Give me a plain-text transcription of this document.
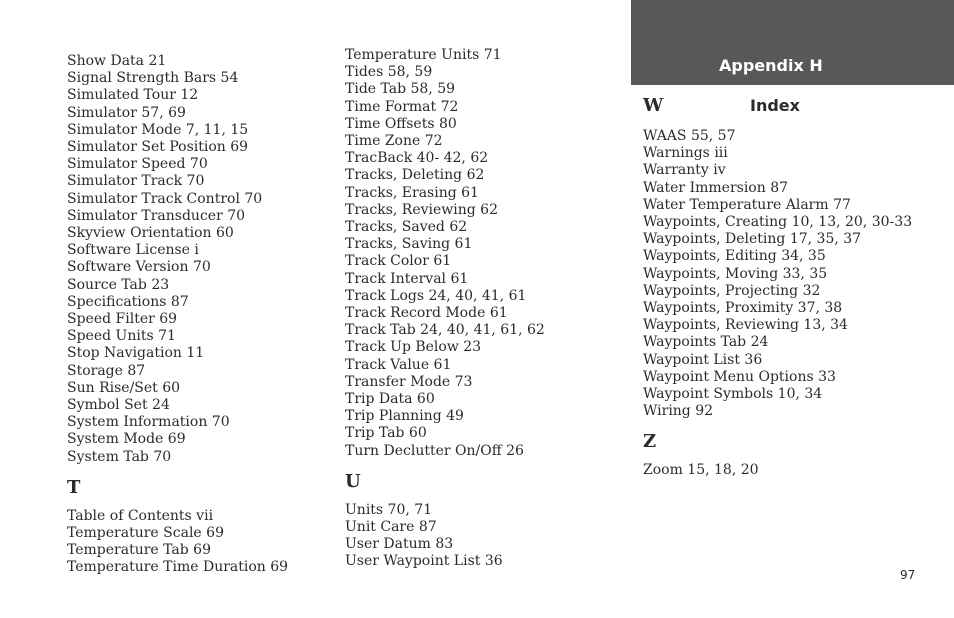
Appendix H
W	Index
Show Data 21
Signal Strength Bars 54
Simulated Tour 12
Simulator 57, 69
Simulator Mode 7, 11, 15
Simulator Set Position 69
Simulator Speed 70
Simulator Track 70
Simulator Track Control 70
Simulator Transducer 70
Skyview Orientation 60
Software License i
Software Version 70
Source Tab 23
Specifications 87
Speed Filter 69
Speed Units 71
Stop Navigation 11
Storage 87
Sun Rise/Set 60
Symbol Set 24
System Information 70
System Mode 69
System Tab 70
T
Table of Contents vii
Temperature Scale 69
Temperature Tab 69
Temperature Time Duration 69
Temperature Units 71
Tides 58, 59
Tide Tab 58, 59
Time Format 72
Time Offsets 80
Time Zone 72
TracBack 40- 42, 62
Tracks, Deleting 62
Tracks, Erasing 61
Tracks, Reviewing 62
Tracks, Saved 62
Tracks, Saving 61
Track Color 61
Track Interval 61
Track Logs 24, 40, 41, 61
Track Record Mode 61
Track Tab 24, 40, 41, 61, 62
Track Up Below 23
Track Value 61
Transfer Mode 73
Trip Data 60
Trip Planning 49
Trip Tab 60
Turn Declutter On/Off 26
U
Units 70, 71
Unit Care 87
User Datum 83
User Waypoint List 36
WAAS 55, 57
Warnings iii
Warranty iv
Water Immersion 87
Water Temperature Alarm 77
Waypoints, Creating 10, 13, 20, 30-33
Waypoints, Deleting 17, 35, 37
Waypoints, Editing 34, 35
Waypoints, Moving 33, 35
Waypoints, Projecting 32
Waypoints, Proximity 37, 38
Waypoints, Reviewing 13, 34
Waypoints Tab 24
Waypoint List 36
Waypoint Menu Options 33
Waypoint Symbols 10, 34
Wiring 92
Z
Zoom 15, 18, 20
97
